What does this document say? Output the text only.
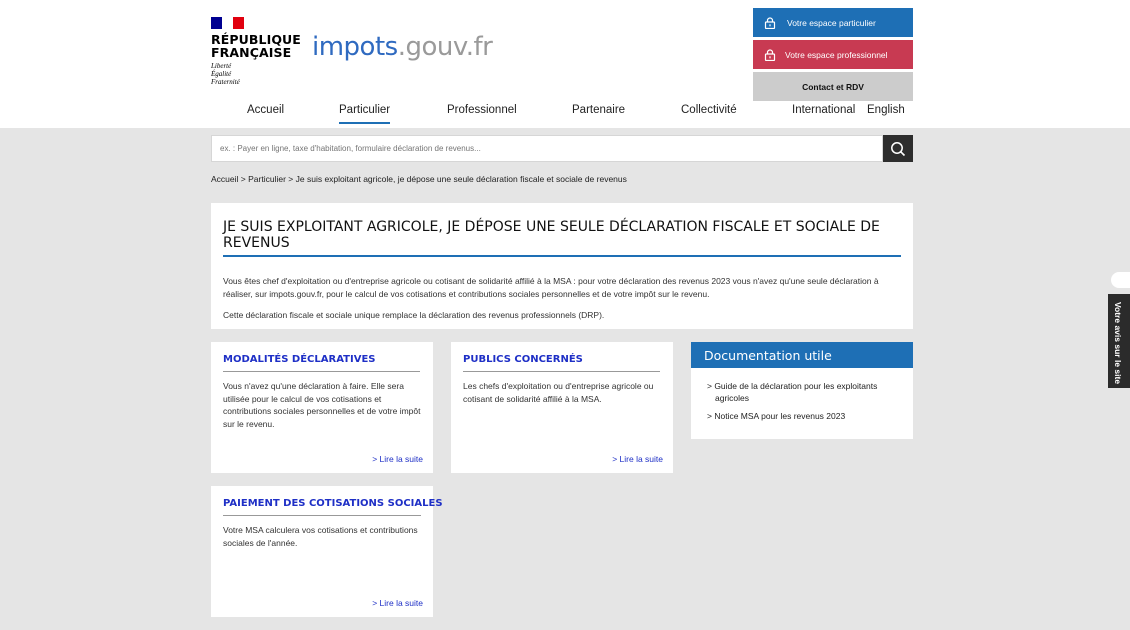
RÉPUBLIQUE
FRANÇAISE
Liberté
Égalité
Fraternité
impots.gouv.fr
Votre espace particulier
Votre espace professionnel
Contact et RDV
Accueil	Particulier	Professionnel	Partenaire	Collectivité	International English
ex. : Payer en ligne, taxe d'habitation, formulaire déclaration de revenus...
Accueil > Particulier > Je suis exploitant agricole, je dépose une seule déclaration fiscale et sociale de revenus
JE SUIS EXPLOITANT AGRICOLE, JE DÉPOSE UNE SEULE DÉCLARATION FISCALE ET SOCIALE DE REVENUS

Vous êtes chef d'exploitation ou d'entreprise agricole ou cotisant de solidarité affilié à la MSA : pour votre déclaration des revenus 2023 vous n'avez qu'une seule déclaration à réaliser, sur impots.gouv.fr, pour le calcul de vos cotisations et contributions sociales personnelles et de votre impôt sur le revenu.

Cette déclaration fiscale et sociale unique remplace la déclaration des revenus professionnels (DRP).

MODALITÉS DÉCLARATIVES
Vous n'avez qu'une déclaration à faire. Elle sera utilisée pour le calcul de vos cotisations et contributions sociales personnelles et de votre impôt sur le revenu.
> Lire la suite
PUBLICS CONCERNÉS
Les chefs d'exploitation ou d'entreprise agricole ou cotisant de solidarité affilié à la MSA.
> Lire la suite
PAIEMENT DES COTISATIONS SOCIALES
Votre MSA calculera vos cotisations et contributions sociales de l'année.
> Lire la suite
Documentation utile
> Guide de la déclaration pour les exploitants agricoles
> Notice MSA pour les revenus 2023
Votre avis sur le site
